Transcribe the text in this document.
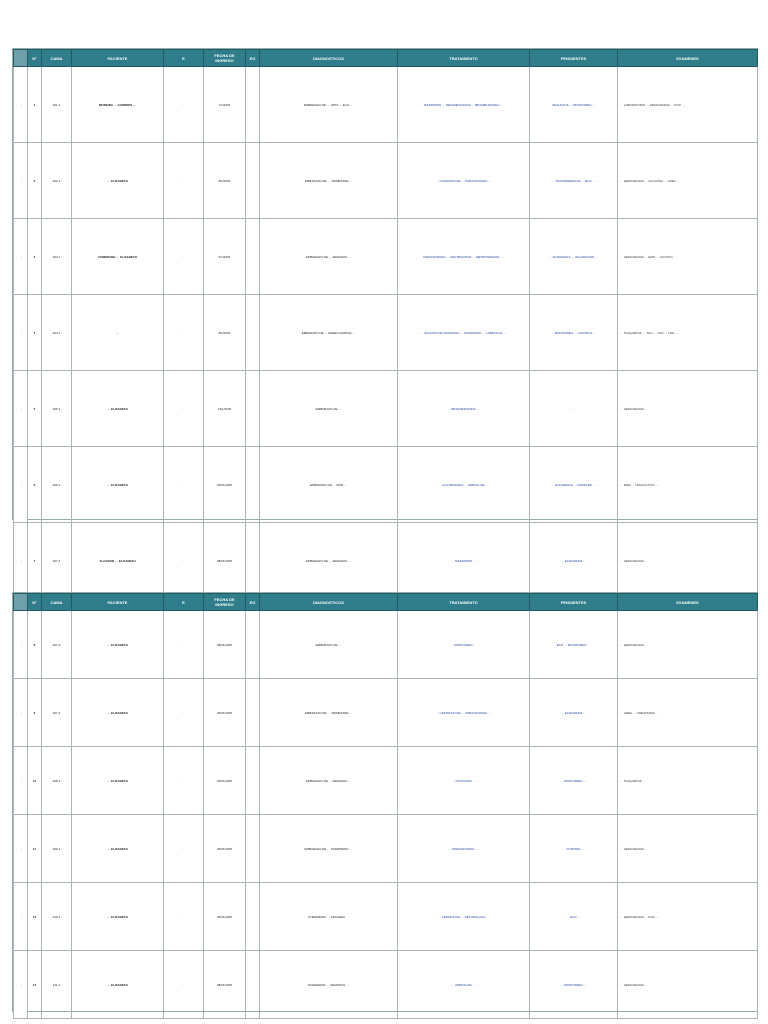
	N°	CAMA	PACIENTE	E	FECHA DE INGRESO	EG	DIAGNOSTICOS	TRATAMIENTO	PENDIENTES	EXAMENES
…	1	201-1	MOREIRA … CHIRINOS …	…	7/1/2025		EMBARAZO DE …, RPM … ECO …	NIFEDIPINO … DEXAMETASONA … BETAMETASONA …	VIGILANCIA … MONITOREO …	… LABORATORIO … HEMOGRAMA … PCR …
…	2	202-1	… ELIZABETH	…	8/1/2025		EMBARAZO DE … TRIMESTRE …	… CLINDAMICINA … PARACETAMOL …	… TRANSFERENCIA … ECO …	… HEMOGRAMA … GLUCOSA … UREA …
…	3	203-1	ZAMBRANO … ELIZABETH	…	6/1/2025		EMBARAZO DE … SEMANAS …	PARACETAMOL … CEFTRIAXONA … METRONIDAZOL …	… ECOGRAFIA … VALORACION …	… HEMOGRAMA … EMO … CULTIVO …
…	4	204-1	…	…	8/1/2025		EMBARAZO DE … PREECLAMPSIA …	… SULFATO DE MAGNESIO … NIFEDIPINO … LABETALOL …	… MONITOREO … CONTROL …	… PLAQUETAS … TGO … TGP … LDH …
…	5	205-1	… ELIZABETH	…	13/1/2025		EMBARAZO DE …	… BETAMETASONA …	…	… HEMOGRAMA …
…	6	206-1	… ELIZABETH	…	09/01/2025		EMBARAZO DE … RPM …	… CLOTRIMAZOL … AMPICILINA …	… ECOGRAFIA … DOPPLER …	… EMO … UROCULTIVO …
…	7	207-1	ALCOCER … ELIZABETH	…	08/01/2025		EMBARAZO DE … SEMANAS …	… NIFEDIPINO …	… ECOGRAFIA …	… HEMOGRAMA …
	N°	CAMA	PACIENTE	E	FECHA DE INGRESO	EG	DIAGNOSTICOS	TRATAMIENTO	PENDIENTES	EXAMENES
…	8	207-2	… ELIZABETH	…	08/01/2025		EMBARAZO DE …	… MONITOREO …	ECO … MONITOREO …	… HEMOGRAMA …
…	9	207-3	… ELIZABETH	…	09/01/2025		EMBARAZO DE … TRIMESTRE …	… CEFTRIAXONA … PARACETAMOL …	… ECOGRAFIA …	… UREA … CREATININA …
…	10	208-1	… ELIZABETH	…	09/01/2025		EMBARAZO DE … SEMANAS …	… OXITOCINA …	… MONITOREO …	… PLAQUETAS …
…	11	209-1	… ELIZABETH	…	09/01/2025		EMBARAZO DE … PUERPERIO …	… PARACETAMOL …	… CONTROL …	… HEMOGRAMA …
…	12	210-1	… ELIZABETH	…	05/01/2025		PUERPERIO … CESAREA …	… CEFAZOLINA … KETOROLACO …	… ECO …	… HEMOGRAMA … PCR …
…	13	211-1	… ELIZABETH	…	08/01/2025		PUERPERIO … SEMANAS …	… AMPICILINA …	… MONITOREO …	… HEMOGRAMA …
